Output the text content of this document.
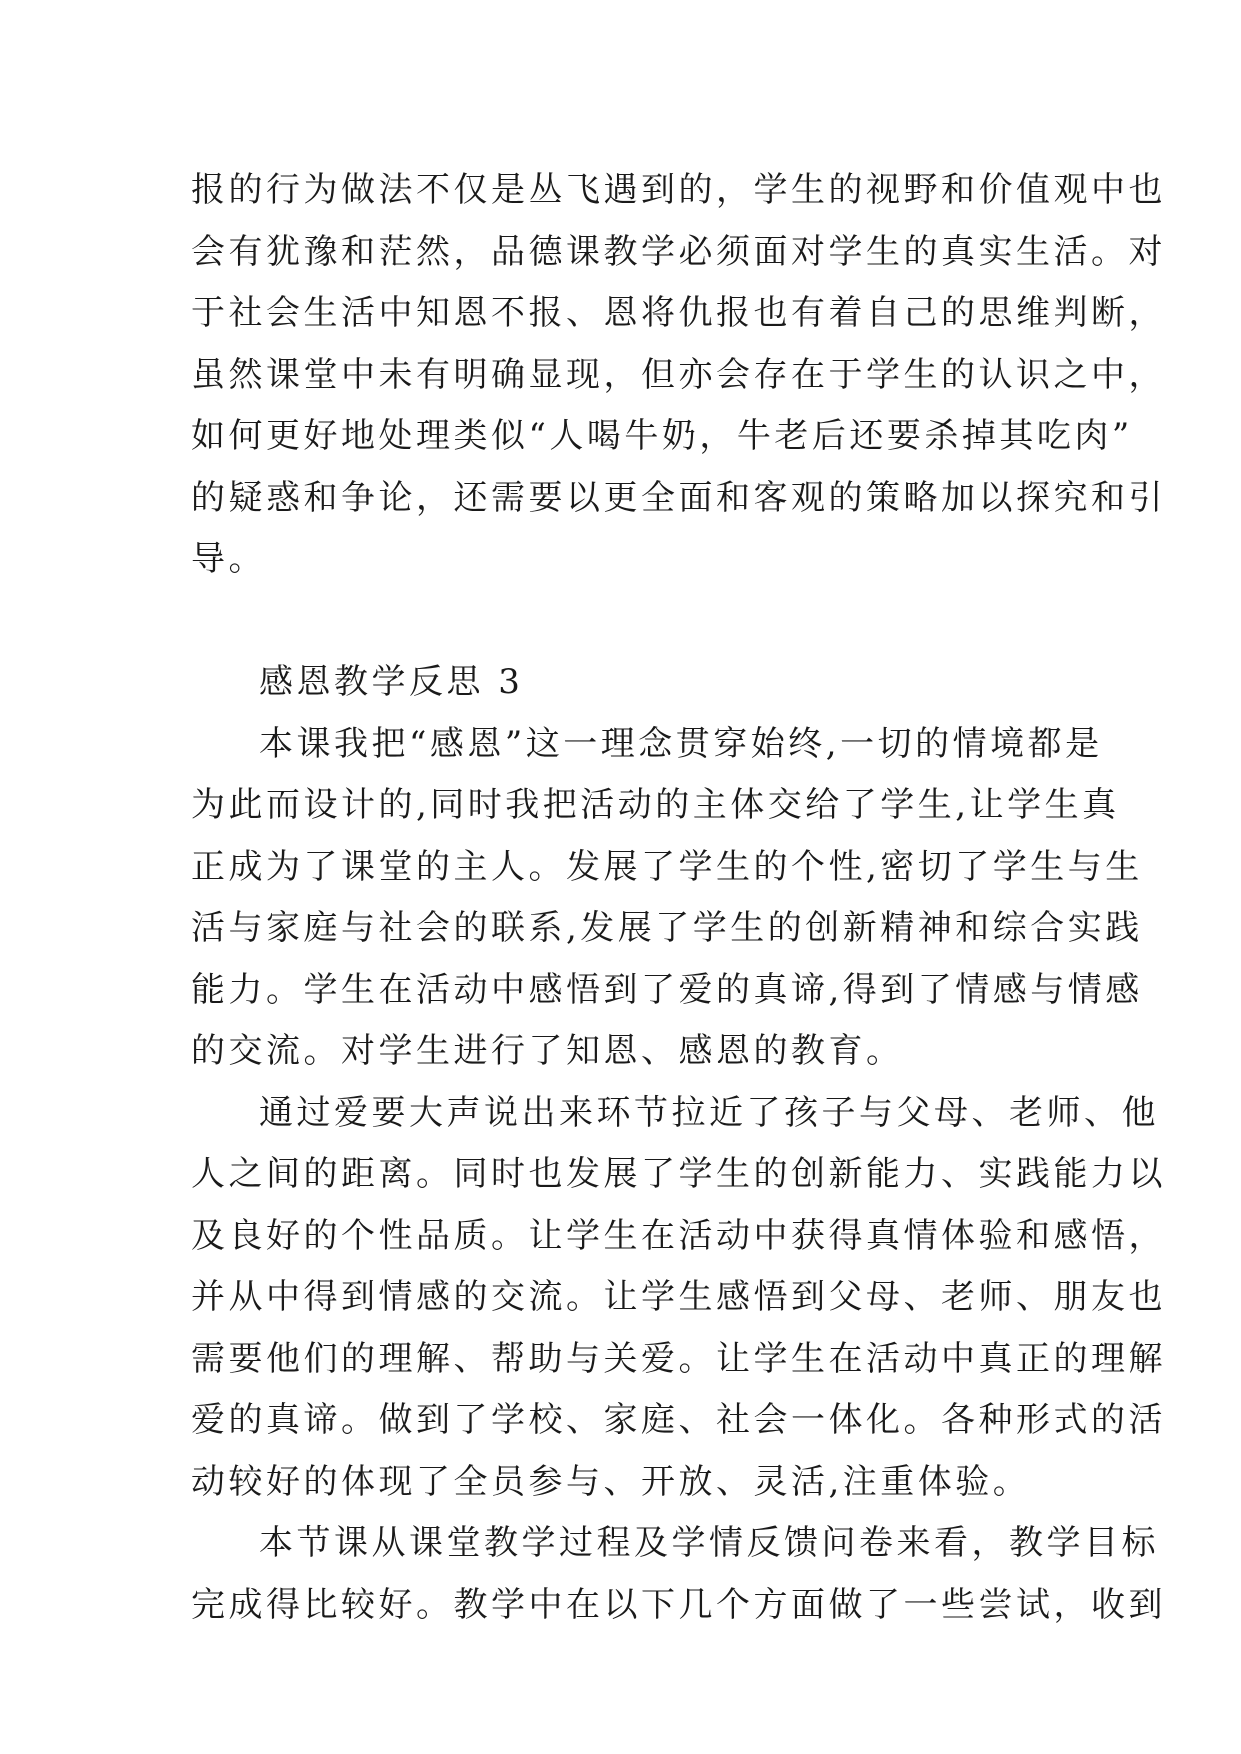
报的行为做法不仅是丛飞遇到的，学生的视野和价值观中也
会有犹豫和茫然，品德课教学必须面对学生的真实生活。对
于社会生活中知恩不报、恩将仇报也有着自己的思维判断，
虽然课堂中未有明确显现，但亦会存在于学生的认识之中，
如何更好地处理类似“人喝牛奶，牛老后还要杀掉其吃肉”
的疑惑和争论，还需要以更全面和客观的策略加以探究和引
导。
感恩教学反思 3
本课我把“感恩”这一理念贯穿始终,一切的情境都是
为此而设计的,同时我把活动的主体交给了学生,让学生真
正成为了课堂的主人。发展了学生的个性,密切了学生与生
活与家庭与社会的联系,发展了学生的创新精神和综合实践
能力。学生在活动中感悟到了爱的真谛,得到了情感与情感
的交流。对学生进行了知恩、感恩的教育。
通过爱要大声说出来环节拉近了孩子与父母、老师、他
人之间的距离。同时也发展了学生的创新能力、实践能力以
及良好的个性品质。让学生在活动中获得真情体验和感悟，
并从中得到情感的交流。让学生感悟到父母、老师、朋友也
需要他们的理解、帮助与关爱。让学生在活动中真正的理解
爱的真谛。做到了学校、家庭、社会一体化。各种形式的活
动较好的体现了全员参与、开放、灵活,注重体验。
本节课从课堂教学过程及学情反馈问卷来看，教学目标
完成得比较好。教学中在以下几个方面做了一些尝试，收到
